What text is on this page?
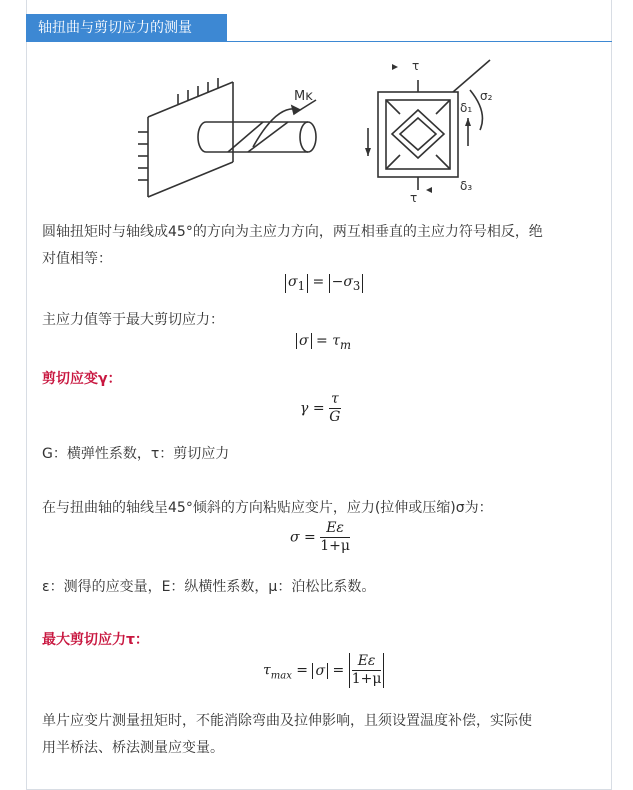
轴扭曲与剪切应力的测量
Mĸ
τ
τ
δ₁
δ₃
σ₂
圆轴扭矩时与轴线成45°的方向为主应力方向，两互相垂直的主应力符号相反，绝
对值相等：
$\sigma_1 = -\sigma_3$
主应力值等于最大剪切应力：
$\sigma = \tau_m$
剪切应变γ：
$\gamma = \frac{\tau}{G}$
G：横弹性系数，τ：剪切应力
在与扭曲轴的轴线呈45°倾斜的方向粘贴应变片，应力(拉伸或压缩)σ为：
$\sigma = \frac{E\varepsilon}{1+\mu}$
ε：测得的应变量，E：纵横性系数，μ：泊松比系数。
最大剪切应力τ：
$\tau_{max} = \sigma = \frac{E\varepsilon}{1+\mu}$
单片应变片测量扭矩时，不能消除弯曲及拉伸影响，且须设置温度补偿，实际使
用半桥法、桥法测量应变量。
